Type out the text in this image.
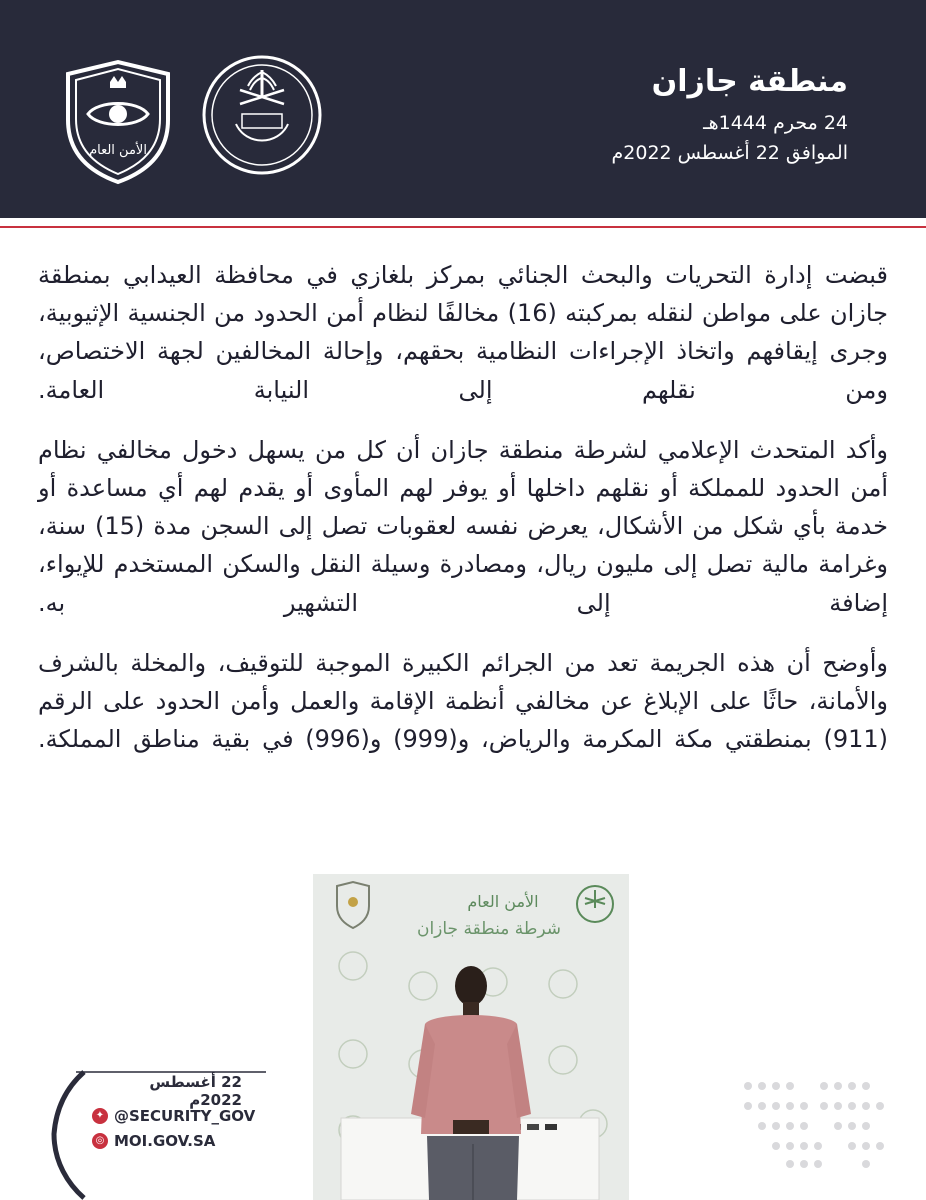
الأمن العام
منطقة جازان
24 محرم 1444هـ
الموافق 22 أغسطس 2022م

قبضت إدارة التحريات والبحث الجنائي بمركز بلغازي في محافظة العيدابي بمنطقة جازان على مواطن لنقله بمركبته (16) مخالفًا لنظام أمن الحدود من الجنسية الإثيوبية، وجرى إيقافهم واتخاذ الإجراءات النظامية بحقهم، وإحالة المخالفين لجهة الاختصاص، ومن نقلهم إلى النيابة العامة.

وأكد المتحدث الإعلامي لشرطة منطقة جازان أن كل من يسهل دخول مخالفي نظام أمن الحدود للمملكة أو نقلهم داخلها أو يوفر لهم المأوى أو يقدم لهم أي مساعدة أو خدمة بأي شكل من الأشكال، يعرض نفسه لعقوبات تصل إلى السجن مدة (15) سنة، وغرامة مالية تصل إلى مليون ريال، ومصادرة وسيلة النقل والسكن المستخدم للإيواء، إضافة إلى التشهير به.

وأوضح أن هذه الجريمة تعد من الجرائم الكبيرة الموجبة للتوقيف، والمخلة بالشرف والأمانة، حاثًا على الإبلاغ عن مخالفي أنظمة الإقامة والعمل وأمن الحدود على الرقم (911) بمنطقتي مكة المكرمة والرياض، و(999) و(996) في بقية مناطق المملكة.

الأمن العام
شرطة منطقة جازان
22 أغسطس 2022م
✦ @SECURITY_GOV
◎ MOI.GOV.SA
